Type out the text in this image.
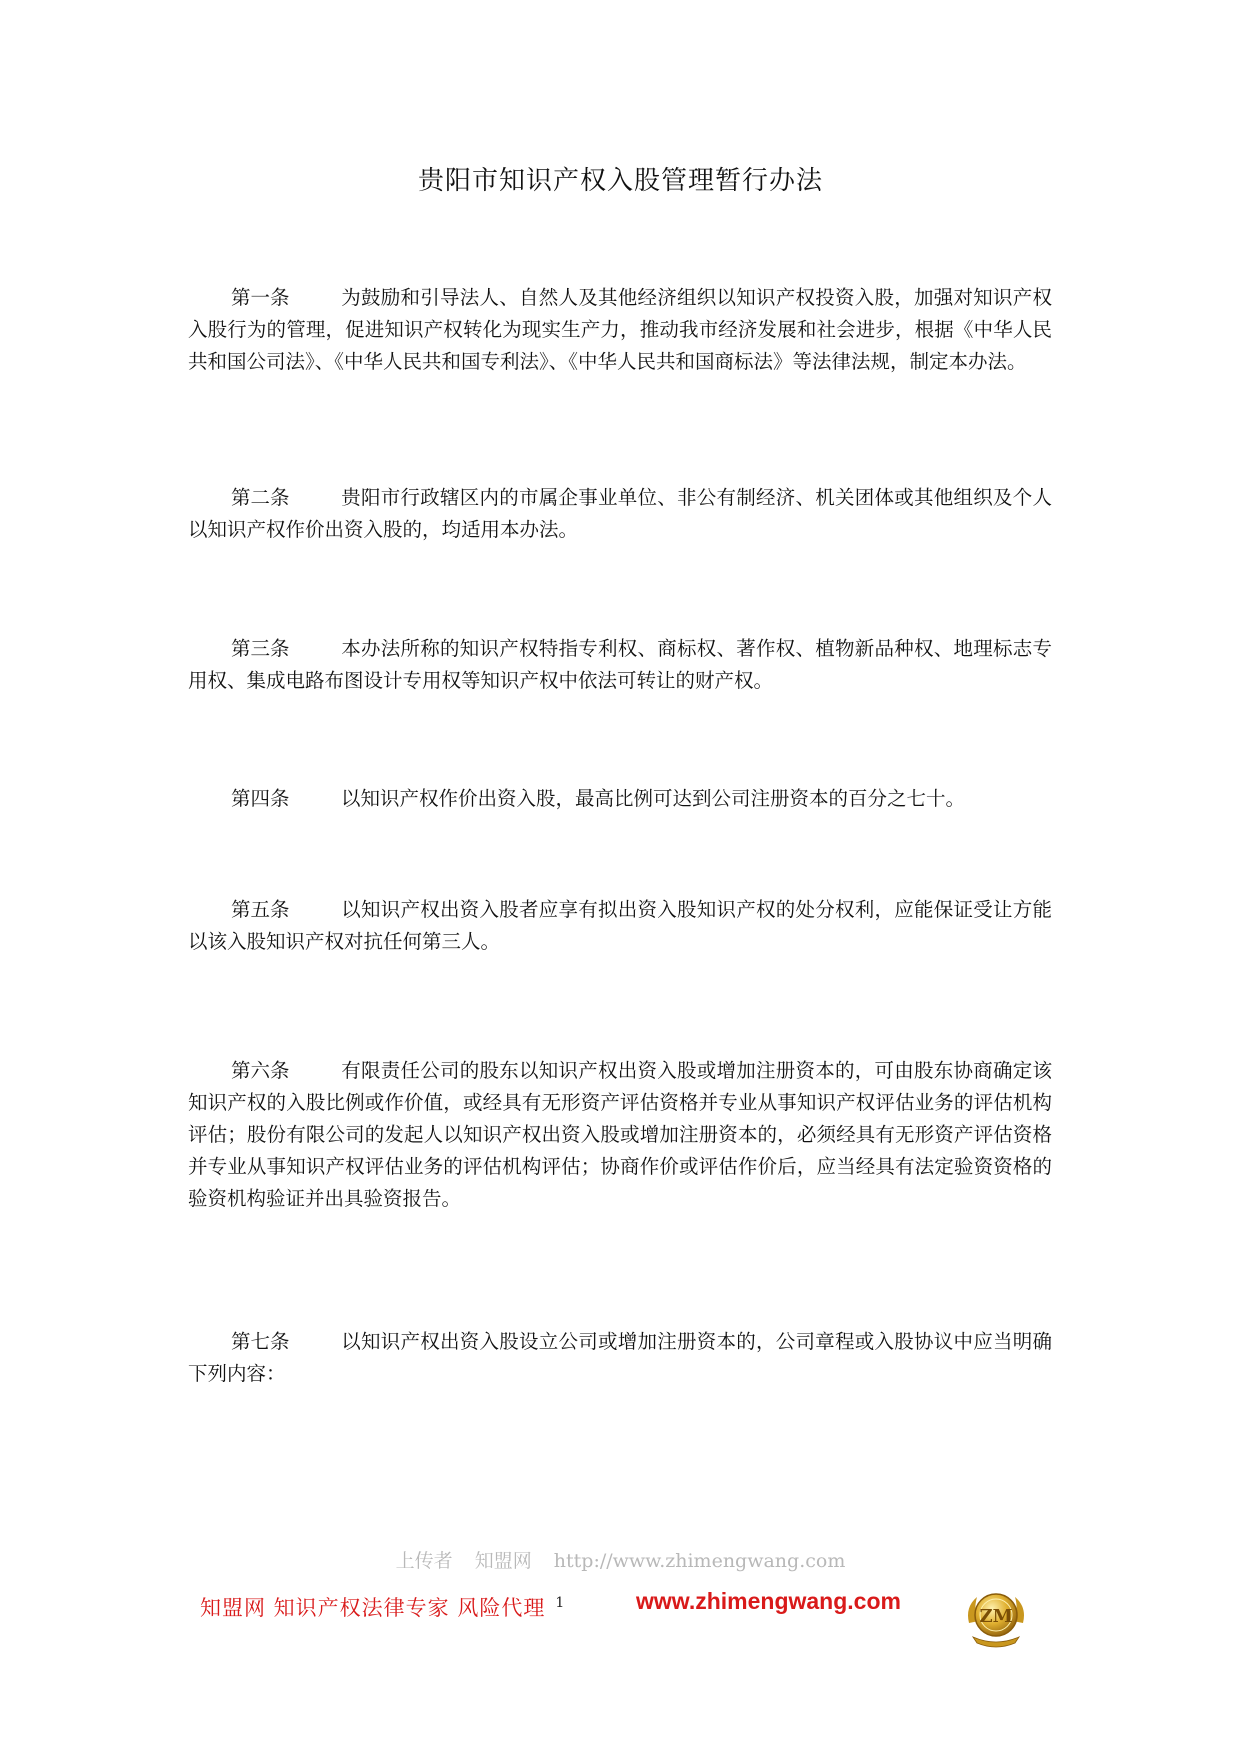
贵阳市知识产权入股管理暂行办法
第一条	为鼓励和引导法人、自然人及其他经济组织以知识产权投资入股，加强对知识产权入股行为的管理，促进知识产权转化为现实生产力，推动我市经济发展和社会进步，根据《中华人民共和国公司法》、《中华人民共和国专利法》、《中华人民共和国商标法》等法律法规，制定本办法。
第二条	贵阳市行政辖区内的市属企事业单位、非公有制经济、机关团体或其他组织及个人以知识产权作价出资入股的，均适用本办法。
第三条	本办法所称的知识产权特指专利权、商标权、著作权、植物新品种权、地理标志专用权、集成电路布图设计专用权等知识产权中依法可转让的财产权。
第四条	以知识产权作价出资入股，最高比例可达到公司注册资本的百分之七十。
第五条	以知识产权出资入股者应享有拟出资入股知识产权的处分权利，应能保证受让方能以该入股知识产权对抗任何第三人。
第六条	有限责任公司的股东以知识产权出资入股或增加注册资本的，可由股东协商确定该知识产权的入股比例或作价值，或经具有无形资产评估资格并专业从事知识产权评估业务的评估机构评估；股份有限公司的发起人以知识产权出资入股或增加注册资本的，必须经具有无形资产评估资格并专业从事知识产权评估业务的评估机构评估；协商作价或评估作价后，应当经具有法定验资资格的验资机构验证并出具验资报告。
第七条	以知识产权出资入股设立公司或增加注册资本的，公司章程或入股协议中应当明确下列内容：
上传者 知盟网 http://www.zhimengwang.com
知盟网 知识产权法律专家 风险代理 $^1$	www.zhimengwang.com
ZM
